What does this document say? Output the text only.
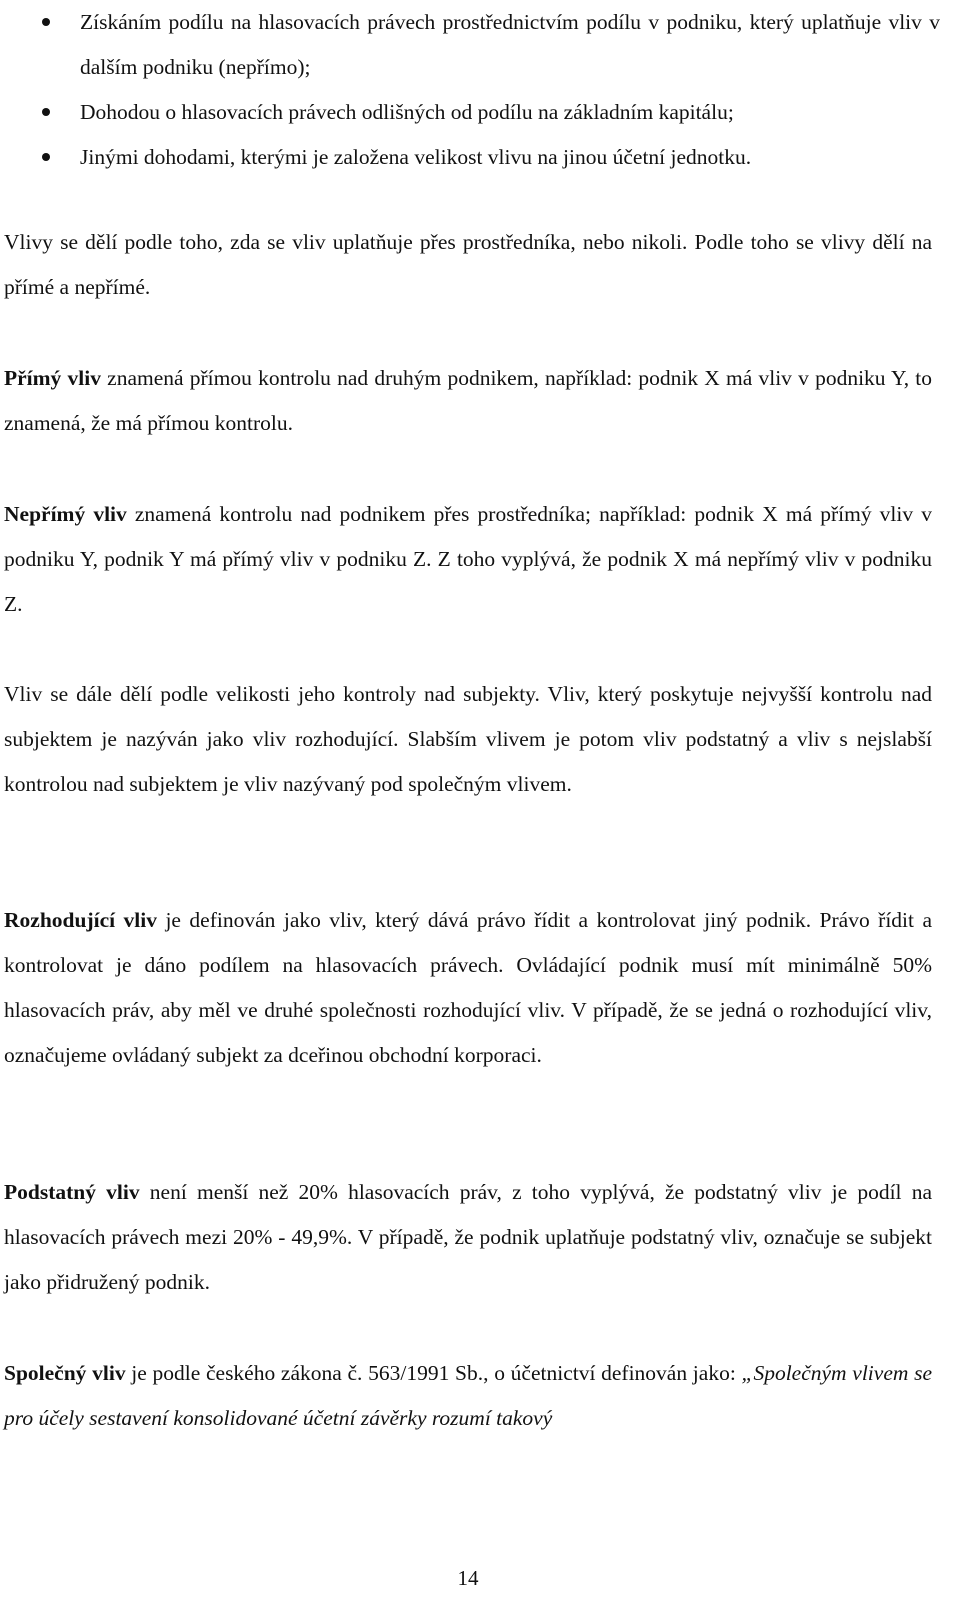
Získáním podílu na hlasovacích právech prostřednictvím podílu v podniku, který uplatňuje vliv v dalším podniku (nepřímo);
Dohodou o hlasovacích právech odlišných od podílu na základním kapitálu;
Jinými dohodami, kterými je založena velikost vlivu na jinou účetní jednotku.

Vlivy se dělí podle toho, zda se vliv uplatňuje přes prostředníka, nebo nikoli. Podle toho se vlivy dělí na přímé a nepřímé.

Přímý vliv znamená přímou kontrolu nad druhým podnikem, například: podnik X má vliv v podniku Y, to znamená, že má přímou kontrolu.

Nepřímý vliv znamená kontrolu nad podnikem přes prostředníka; například: podnik X má přímý vliv v podniku Y, podnik Y má přímý vliv v podniku Z. Z toho vyplývá, že podnik X má nepřímý vliv v podniku Z.

Vliv se dále dělí podle velikosti jeho kontroly nad subjekty. Vliv, který poskytuje nejvyšší kontrolu nad subjektem je nazýván jako vliv rozhodující. Slabším vlivem je potom vliv podstatný a vliv s nejslabší kontrolou nad subjektem je vliv nazývaný pod společným vlivem.

Rozhodující vliv je definován jako vliv, který dává právo řídit a kontrolovat jiný podnik. Právo řídit a kontrolovat je dáno podílem na hlasovacích právech. Ovládající podnik musí mít minimálně 50% hlasovacích práv, aby měl ve druhé společnosti rozhodující vliv. V případě, že se jedná o rozhodující vliv, označujeme ovládaný subjekt za dceřinou obchodní korporaci.

Podstatný vliv není menší než 20% hlasovacích práv, z toho vyplývá, že podstatný vliv je podíl na hlasovacích právech mezi 20% - 49,9%. V případě, že podnik uplatňuje podstatný vliv, označuje se subjekt jako přidružený podnik.

Společný vliv je podle českého zákona č. 563/1991 Sb., o účetnictví definován jako: „Společným vlivem se pro účely sestavení konsolidované účetní závěrky rozumí takový

14
